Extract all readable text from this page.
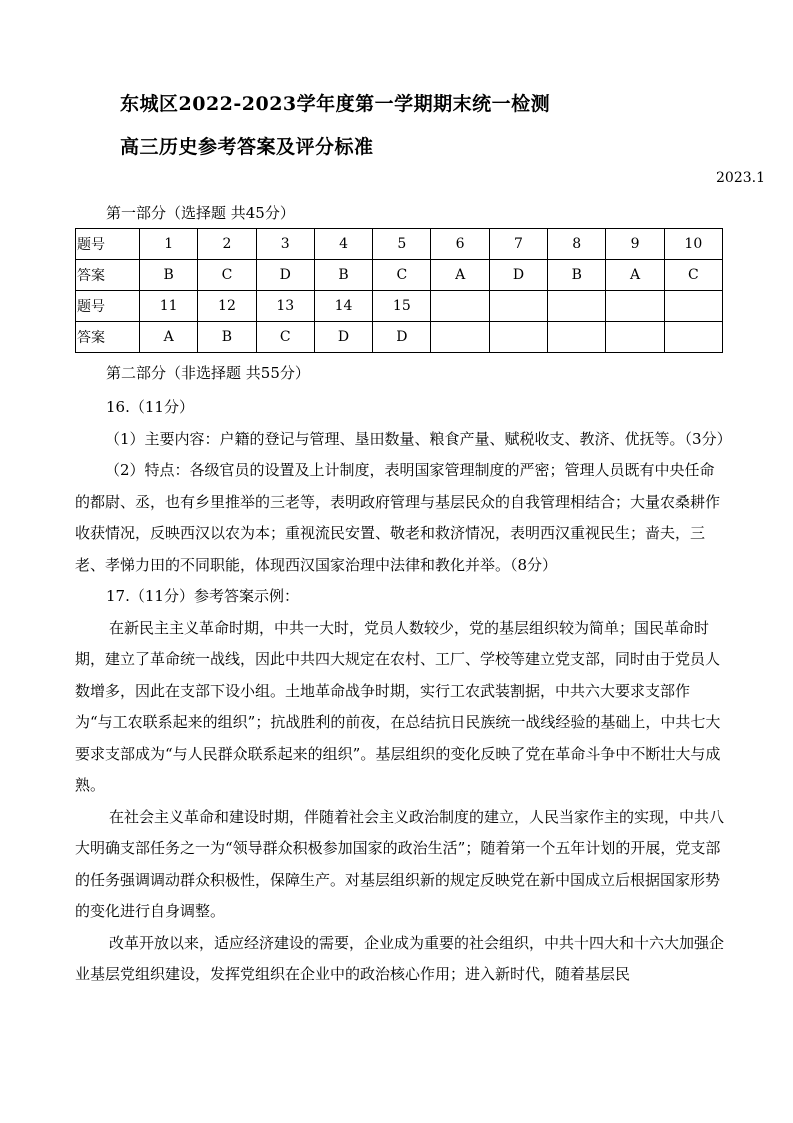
东城区2022-2023学年度第一学期期末统一检测
高三历史参考答案及评分标准
2023.1
第一部分（选择题 共45分）
题号	1	2	3	4	5	6	7	8	9	10
答案	B	C	D	B	C	A	D	B	A	C
题号	11	12	13	14	15					
答案	A	B	C	D	D					
第二部分（非选择题 共55分）

16.（11分）

（1）主要内容：户籍的登记与管理、垦田数量、粮食产量、赋税收支、教济、优抚等。（3分）

（2）特点：各级官员的设置及上计制度，表明国家管理制度的严密；管理人员既有中央任命的都尉、丞，也有乡里推举的三老等，表明政府管理与基层民众的自我管理相结合；大量农桑耕作收获情况，反映西汉以农为本；重视流民安置、敬老和救济情况，表明西汉重视民生；啬夫，三老、孝悌力田的不同职能，体现西汉国家治理中法律和教化并举。（8分）

17.（11分）参考答案示例：

在新民主主义革命时期，中共一大时，党员人数较少，党的基层组织较为简单；国民革命时期，建立了革命统一战线，因此中共四大规定在农村、工厂、学校等建立党支部，同时由于党员人数增多，因此在支部下设小组。土地革命战争时期，实行工农武装割据，中共六大要求支部作为“与工农联系起来的组织”；抗战胜利的前夜，在总结抗日民族统一战线经验的基础上，中共七大要求支部成为“与人民群众联系起来的组织”。基层组织的变化反映了党在革命斗争中不断壮大与成熟。

在社会主义革命和建设时期，伴随着社会主义政治制度的建立，人民当家作主的实现，中共八大明确支部任务之一为“领导群众积极参加国家的政治生活”；随着第一个五年计划的开展，党支部的任务强调调动群众积极性，保障生产。对基层组织新的规定反映党在新中国成立后根据国家形势的变化进行自身调整。

改革开放以来，适应经济建设的需要，企业成为重要的社会组织，中共十四大和十六大加强企业基层党组织建设，发挥党组织在企业中的政治核心作用；进入新时代，随着基层民
